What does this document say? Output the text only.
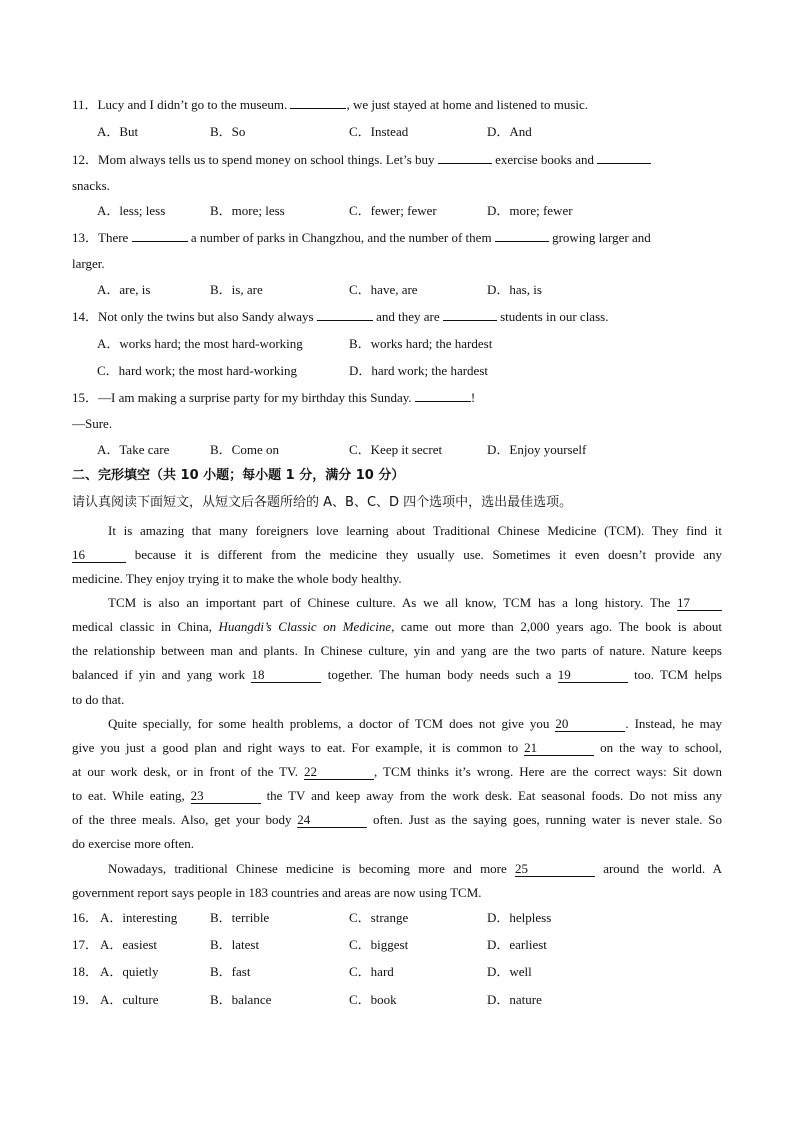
11．Lucy and I didn’t go to the museum.	, we just stayed at home and listened to music.
A．But	B．So	C．Instead	D．And
12．Mom always tells us to spend money on school things. Let’s buy	exercise books and
snacks.
A．less; less	B．more; less	C．fewer; fewer	D．more; fewer
13．There	a number of parks in Changzhou, and the number of them	growing larger and
larger.
A．are, is	B．is, are	C．have, are	D．has, is
14．Not only the twins but also Sandy always	and they are	students in our class.
A．works hard; the most hard-working	B．works hard; the hardest
C．hard work; the most hard-working	D．hard work; the hardest
15．—I am making a surprise party for my birthday this Sunday.	!
—Sure.
A．Take care	B．Come on	C．Keep it secret	D．Enjoy yourself
二、完形填空（共 10 小题；每小题 1 分，满分 10 分）
请认真阅读下面短文，从短文后各题所给的 A、B、C、D 四个选项中，选出最佳选项。
It is amazing that many foreigners love learning about Traditional Chinese Medicine (TCM). They find it
16	because it is different from the medicine they usually use. Sometimes it even doesn’t provide any
medicine. They enjoy trying it to make the whole body healthy.
TCM is also an important part of Chinese culture. As we all know, TCM has a long history. The 17
medical classic in China, Huangdi’s Classic on Medicine, came out more than 2,000 years ago. The book is about
the relationship between man and plants. In Chinese culture, yin and yang are the two parts of nature. Nature keeps
balanced if yin and yang work 18	together. The human body needs such a 19	too. TCM helps
to do that.
Quite specially, for some health problems, a doctor of TCM does not give you 20	. Instead, he may
give you just a good plan and right ways to eat. For example, it is common to 21	on the way to school,
at our work desk, or in front of the TV. 22	, TCM thinks it’s wrong. Here are the correct ways: Sit down
to eat. While eating, 23	the TV and keep away from the work desk. Eat seasonal foods. Do not miss any
of the three meals. Also, get your body 24	often. Just as the saying goes, running water is never stale. So
do exercise more often.
Nowadays, traditional Chinese medicine is becoming more and more 25	around the world. A
government report says people in 183 countries and areas are now using TCM.
16． A．interesting	B．terrible	C．strange	D．helpless
17． A．easiest	B．latest	C．biggest	D．earliest
18． A．quietly	B．fast	C．hard	D．well
19． A．culture	B．balance	C．book	D．nature
